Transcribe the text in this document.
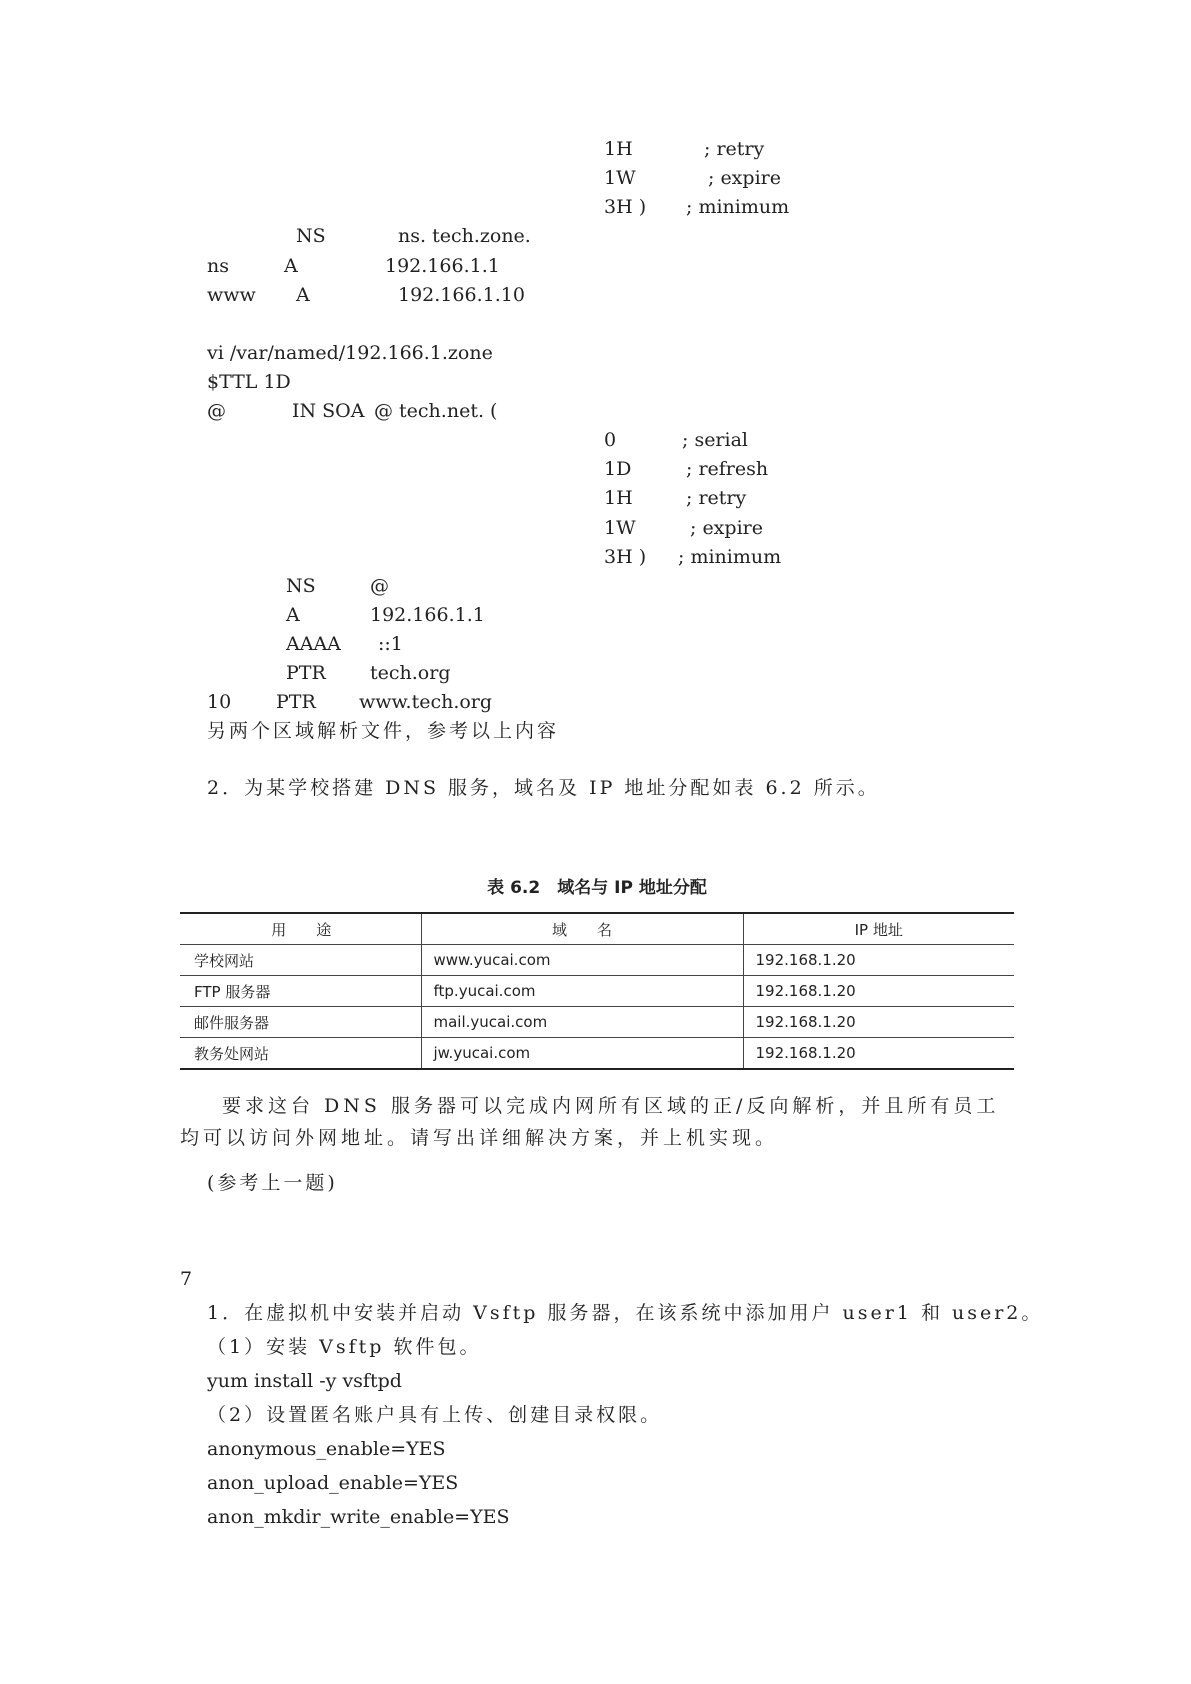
1H	; retry
1W	; expire
3H ) ; minimum
NS	ns. tech.zone.
ns	A	192.166.1.1
www A	192.166.1.10
vi /var/named/192.166.1.zone
$TTL 1D
@	IN SOA @ tech.net. (
0	; serial
1D	; refresh
1H	; retry
1W	; expire
3H ) ; minimum
NS	@
A	192.166.1.1
AAAA ::1
PTR tech.org
10 PTR www.tech.org
另两个区域解析文件，参考以上内容
2．为某学校搭建 DNS 服务，域名及 IP 地址分配如表 6.2 所示。
表 6.2　域名与 IP 地址分配
用　　途	域　　名	IP 地址
学校网站	www.yucai.com	192.168.1.20
FTP 服务器	ftp.yucai.com	192.168.1.20
邮件服务器	mail.yucai.com	192.168.1.20
教务处网站	jw.yucai.com	192.168.1.20
要求这台 DNS 服务器可以完成内网所有区域的正/反向解析，并且所有员工均可以访问外网地址。请写出详细解决方案，并上机实现。
(参考上一题)
7
1．在虚拟机中安装并启动 Vsftp 服务器，在该系统中添加用户 user1 和 user2。
（1）安装 Vsftp 软件包。
yum install -y vsftpd
（2）设置匿名账户具有上传、创建目录权限。
anonymous_enable=YES
anon_upload_enable=YES
anon_mkdir_write_enable=YES
